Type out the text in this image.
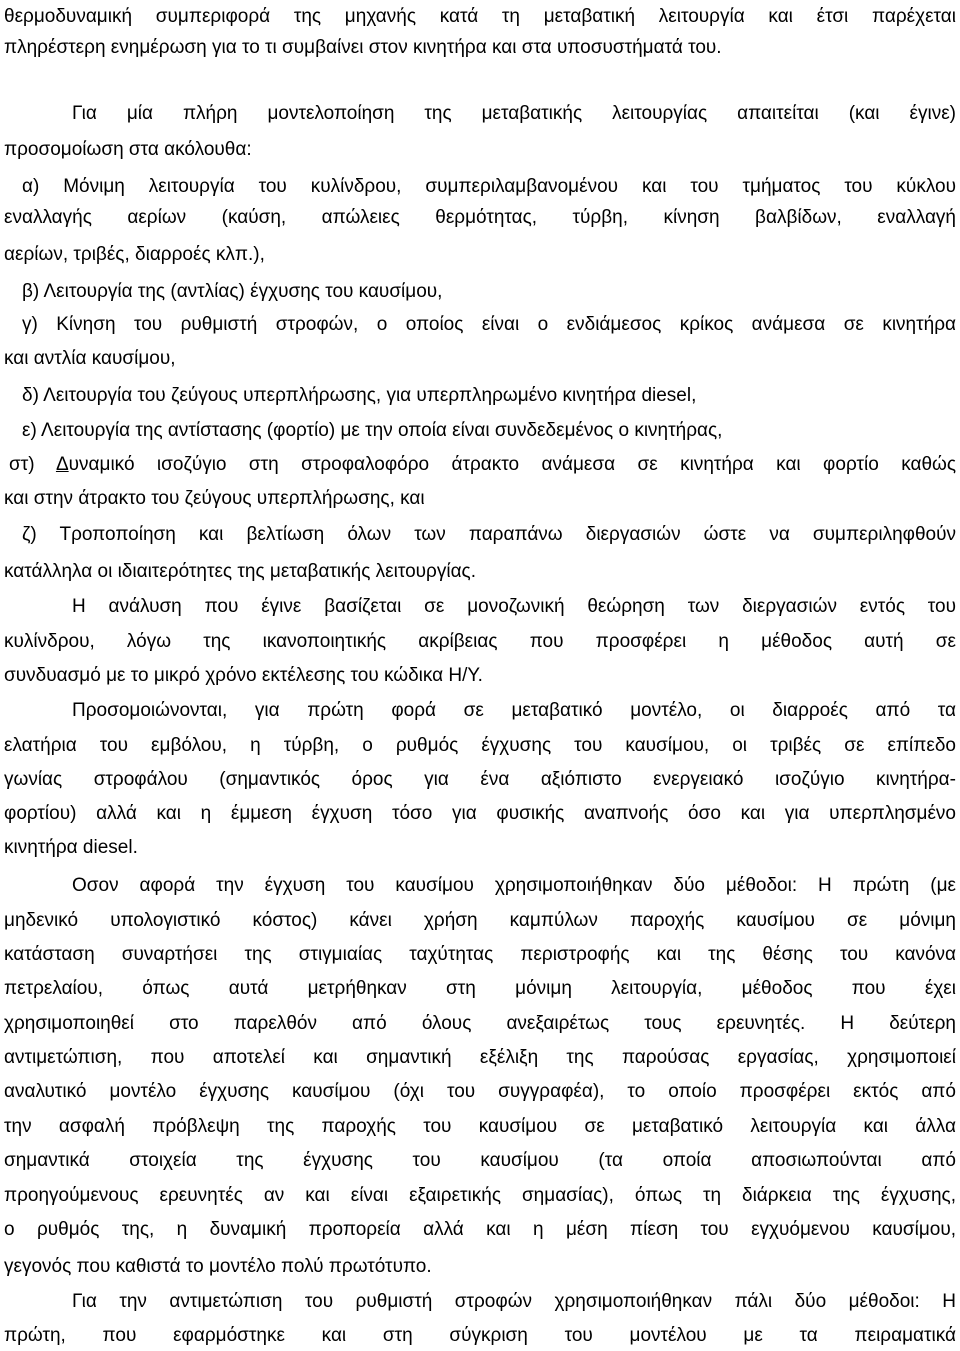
θερμοδυναμική συμπεριφορά της μηχανής κατά τη μεταβατική λειτουργία και έτσι παρέχεται
πληρέστερη ενημέρωση για το τι συμβαίνει στον κινητήρα και στα υποσυστήματά του.
Για μία πλήρη μοντελοποίηση της μεταβατικής λειτουργίας απαιτείται (και έγινε)
προσομοίωση στα ακόλουθα:
α) Μόνιμη λειτουργία του κυλίνδρου, συμπεριλαμβανομένου και του τμήματος του κύκλου
εναλλαγής αερίων (καύση, απώλειες θερμότητας, τύρβη, κίνηση βαλβίδων, εναλλαγή
αερίων, τριβές, διαρροές κλπ.),
β) Λειτουργία της (αντλίας) έγχυσης του καυσίμου,
γ) Κίνηση του ρυθμιστή στροφών, ο οποίος είναι ο ενδιάμεσος κρίκος ανάμεσα σε κινητήρα
και αντλία καυσίμου,
δ) Λειτουργία του ζεύγους υπερπλήρωσης, για υπερπληρωμένο κινητήρα diesel,
ε) Λειτουργία της αντίστασης (φορτίο) με την οποία είναι συνδεδεμένος ο κινητήρας,
στ) Δυναμικό ισοζύγιο στη στροφαλοφόρο άτρακτο ανάμεσα σε κινητήρα και φορτίο καθώς
και στην άτρακτο του ζεύγους υπερπλήρωσης, και
ζ) Τροποποίηση και βελτίωση όλων των παραπάνω διεργασιών ώστε να συμπεριληφθούν
κατάλληλα οι ιδιαιτερότητες της μεταβατικής λειτουργίας.
Η ανάλυση που έγινε βασίζεται σε μονοζωνική θεώρηση των διεργασιών εντός του
κυλίνδρου, λόγω της ικανοποιητικής ακρίβειας που προσφέρει η μέθοδος αυτή σε
συνδυασμό με το μικρό χρόνο εκτέλεσης του κώδικα Η/Υ.
Προσομοιώνονται, για πρώτη φορά σε μεταβατικό μοντέλο, οι διαρροές από τα
ελατήρια του εμβόλου, η τύρβη, ο ρυθμός έγχυσης του καυσίμου, οι τριβές σε επίπεδο
γωνίας στροφάλου (σημαντικός όρος για ένα αξιόπιστο ενεργειακό ισοζύγιο κινητήρα-
φορτίου) αλλά και η έμμεση έγχυση τόσο για φυσικής αναπνοής όσο και για υπερπλησμένο
κινητήρα diesel.
Οσον αφορά την έγχυση του καυσίμου χρησιμοποιήθηκαν δύο μέθοδοι: Η πρώτη (με
μηδενικό υπολογιστικό κόστος) κάνει χρήση καμπύλων παροχής καυσίμου σε μόνιμη
κατάσταση συναρτήσει της στιγμιαίας ταχύτητας περιστροφής και της θέσης του κανόνα
πετρελαίου, όπως αυτά μετρήθηκαν στη μόνιμη λειτουργία, μέθοδος που έχει
χρησιμοποιηθεί στο παρελθόν από όλους ανεξαιρέτως τους ερευνητές. Η δεύτερη
αντιμετώπιση, που αποτελεί και σημαντική εξέλιξη της παρούσας εργασίας, χρησιμοποιεί
αναλυτικό μοντέλο έγχυσης καυσίμου (όχι του συγγραφέα), το οποίο προσφέρει εκτός από
την ασφαλή πρόβλεψη της παροχής του καυσίμου σε μεταβατικό λειτουργία και άλλα
σημαντικά στοιχεία της έγχυσης του καυσίμου (τα οποία αποσιωπούνται από
προηγούμενους ερευνητές αν και είναι εξαιρετικής σημασίας), όπως τη διάρκεια της έγχυσης,
ο ρυθμός της, η δυναμική προπορεία αλλά και η μέση πίεση του εγχυόμενου καυσίμου,
γεγονός που καθιστά το μοντέλο πολύ πρωτότυπο.
Για την αντιμετώπιση του ρυθμιστή στροφών χρησιμοποιήθηκαν πάλι δύο μέθοδοι: Η
πρώτη, που εφαρμόστηκε και στη σύγκριση του μοντέλου με τα πειραματικά
